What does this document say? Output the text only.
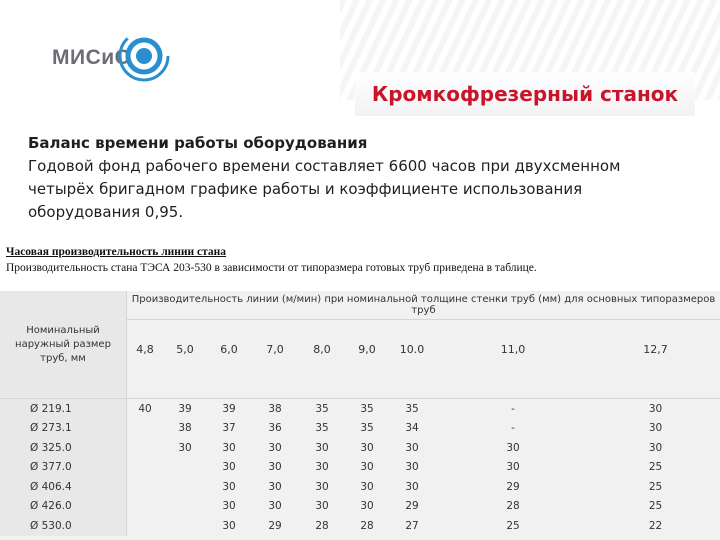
МИСиС
Кромкофрезерный станок
Баланс времени работы оборудования
Годовой фонд рабочего времени составляет 6600 часов при двухсменном четырёх бригадном графике работы и коэффициенте использования оборудования 0,95.
Часовая производительность линии стана
Производительность стана ТЭСА 203-530 в зависимости от типоразмера готовых труб приведена в таблице.
Номинальный наружный размер труб, мм	Производительность линии (м/мин) при номинальной толщине стенки труб (мм) для основных типоразмеров труб								
	4,8	5,0	6,0	7,0	8,0	9,0	10.0	11,0	12,7

Ø 219.1	40	39	39	38	35	35	35	-	30
Ø 273.1		38	37	36	35	35	34	-	30
Ø 325.0		30	30	30	30	30	30	30	30
Ø 377.0			30	30	30	30	30	30	25
Ø 406.4			30	30	30	30	30	29	25
Ø 426.0			30	30	30	30	29	28	25
Ø 530.0			30	29	28	28	27	25	22
